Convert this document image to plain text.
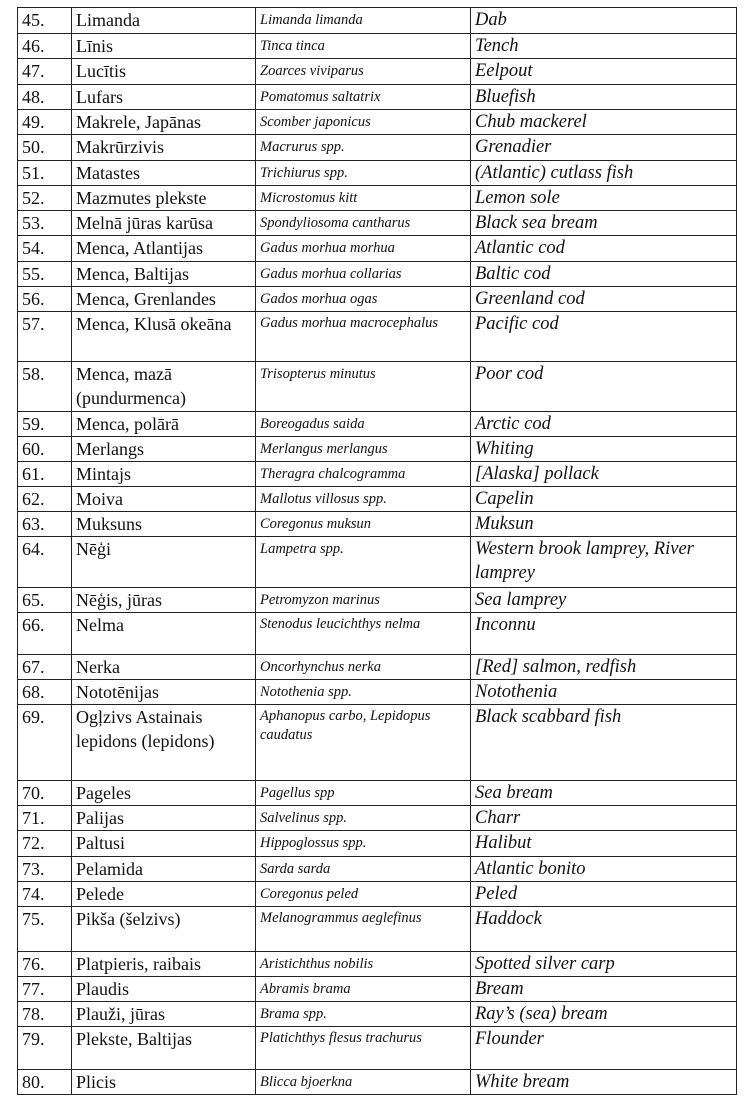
45.	Limanda	Limanda limanda	Dab
46.	Līnis	Tinca tinca	Tench
47.	Lucītis	Zoarces viviparus	Eelpout
48.	Lufars	Pomatomus saltatrix	Bluefish
49.	Makrele, Japānas	Scomber japonicus	Chub mackerel
50.	Makrūrzivis	Macrurus spp.	Grenadier
51.	Matastes	Trichiurus spp.	(Atlantic) cutlass fish
52.	Mazmutes plekste	Microstomus kitt	Lemon sole
53.	Melnā jūras karūsa	Spondyliosoma cantharus	Black sea bream
54.	Menca, Atlantijas	Gadus morhua morhua	Atlantic cod
55.	Menca, Baltijas	Gadus morhua collarias	Baltic cod
56.	Menca, Grenlandes	Gados morhua ogas	Greenland cod
57.	Menca, Klusā okeāna	Gadus morhua macrocephalus	Pacific cod
58.	Menca, mazā (pundurmenca)	Trisopterus minutus	Poor cod
59.	Menca, polārā	Boreogadus saida	Arctic cod
60.	Merlangs	Merlangus merlangus	Whiting
61.	Mintajs	Theragra chalcogramma	[Alaska] pollack
62.	Moiva	Mallotus villosus spp.	Capelin
63.	Muksuns	Coregonus muksun	Muksun
64.	Nēģi	Lampetra spp.	Western brook lamprey, River lamprey
65.	Nēģis, jūras	Petromyzon marinus	Sea lamprey
66.	Nelma	Stenodus leucichthys nelma	Inconnu
67.	Nerka	Oncorhynchus nerka	[Red] salmon, redfish
68.	Nototēnijas	Notothenia spp.	Notothenia
69.	Ogļzivs Astainais lepidons (lepidons)	Aphanopus carbo, Lepidopus caudatus	Black scabbard fish
70.	Pageles	Pagellus spp	Sea bream
71.	Palijas	Salvelinus spp.	Charr
72.	Paltusi	Hippoglossus spp.	Halibut
73.	Pelamida	Sarda sarda	Atlantic bonito
74.	Pelede	Coregonus peled	Peled
75.	Pikša (šelzivs)	Melanogrammus aeglefinus	Haddock
76.	Platpieris, raibais	Aristichthus nobilis	Spotted silver carp
77.	Plaudis	Abramis brama	Bream
78.	Plauži, jūras	Brama spp.	Ray’s (sea) bream
79.	Plekste, Baltijas	Platichthys flesus trachurus	Flounder
80.	Plicis	Blicca bjoerkna	White bream
